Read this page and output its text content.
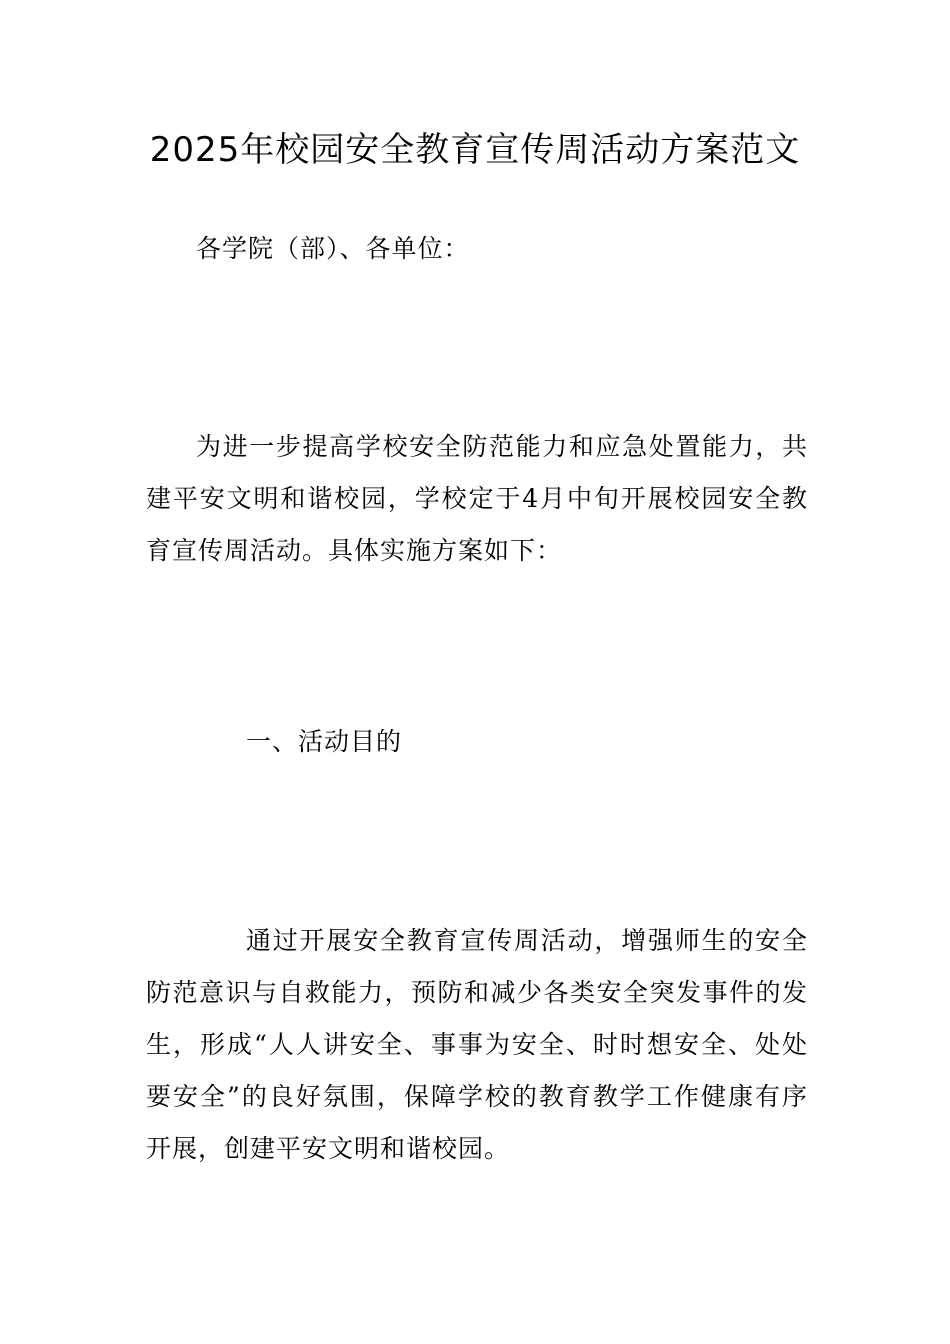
2025年校园安全教育宣传周活动方案范文

各学院（部）、各单位：

为进一步提高学校安全防范能力和应急处置能力，共建平安文明和谐校园，学校定于4月中旬开展校园安全教育宣传周活动。具体实施方案如下：

一、活动目的

通过开展安全教育宣传周活动，增强师生的安全防范意识与自救能力，预防和减少各类安全突发事件的发生，形成“人人讲安全、事事为安全、时时想安全、处处要安全”的良好氛围，保障学校的教育教学工作健康有序开展，创建平安文明和谐校园。
